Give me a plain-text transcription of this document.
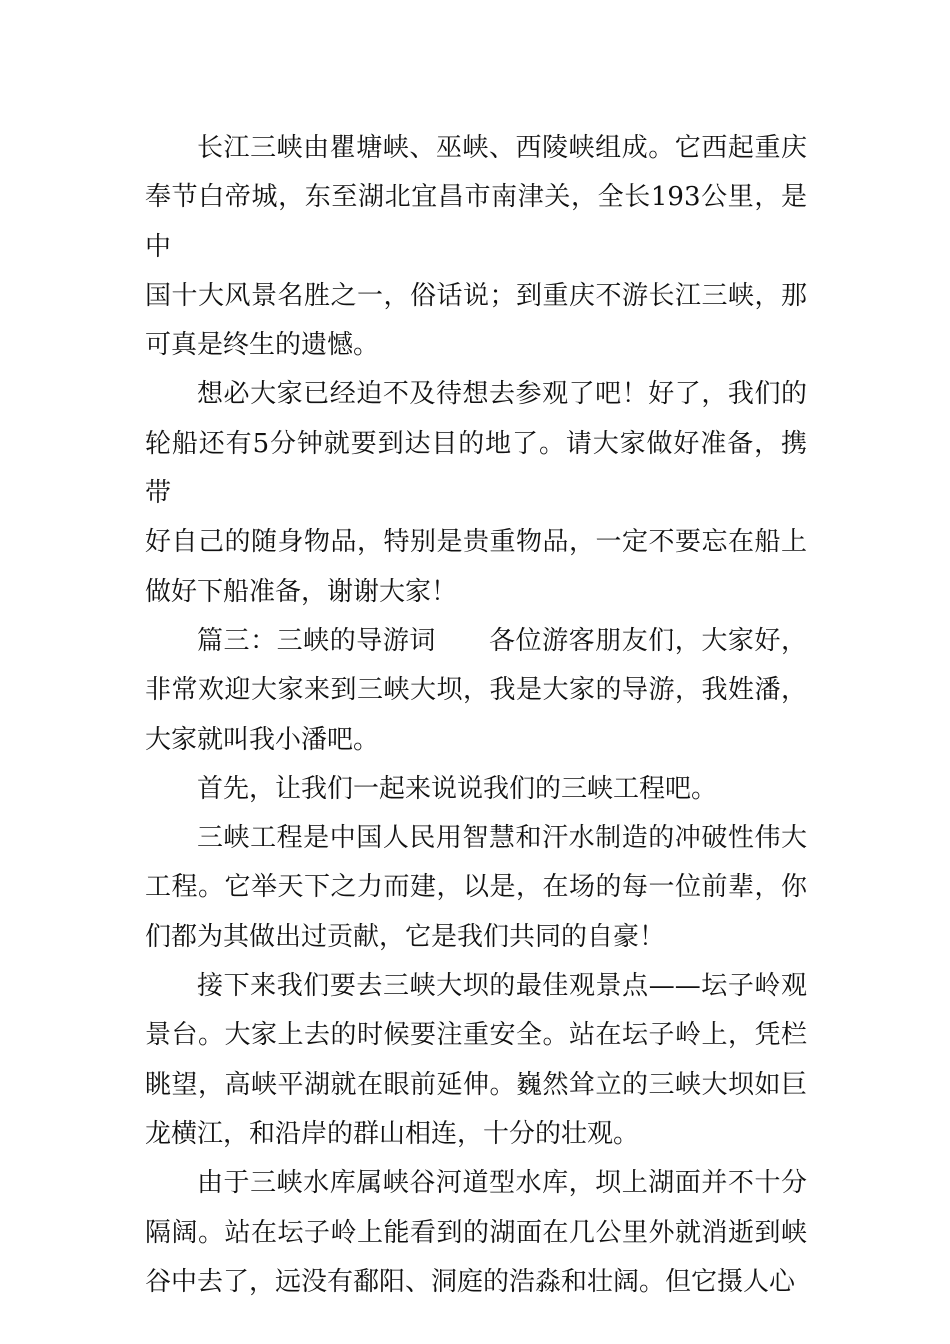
长江三峡由瞿塘峡、巫峡、西陵峡组成。它西起重庆
奉节白帝城，东至湖北宜昌市南津关，全长193公里，是中
国十大风景名胜之一，俗话说；到重庆不游长江三峡，那
可真是终生的遗憾。
想必大家已经迫不及待想去参观了吧！好了，我们的
轮船还有5分钟就要到达目的地了。请大家做好准备，携带
好自己的随身物品，特别是贵重物品，一定不要忘在船上
做好下船准备，谢谢大家！
篇三：三峡的导游词　　各位游客朋友们，大家好，
非常欢迎大家来到三峡大坝，我是大家的导游，我姓潘，
大家就叫我小潘吧。
首先，让我们一起来说说我们的三峡工程吧。
三峡工程是中国人民用智慧和汗水制造的冲破性伟大
工程。它举天下之力而建，以是，在场的每一位前辈，你
们都为其做出过贡献，它是我们共同的自豪！
接下来我们要去三峡大坝的最佳观景点——坛子岭观
景台。大家上去的时候要注重安全。站在坛子岭上，凭栏
眺望，高峡平湖就在眼前延伸。巍然耸立的三峡大坝如巨
龙横江，和沿岸的群山相连，十分的壮观。
由于三峡水库属峡谷河道型水库，坝上湖面并不十分
隔阔。站在坛子岭上能看到的湖面在几公里外就消逝到峡
谷中去了，远没有鄱阳、洞庭的浩淼和壮阔。但它摄人心
